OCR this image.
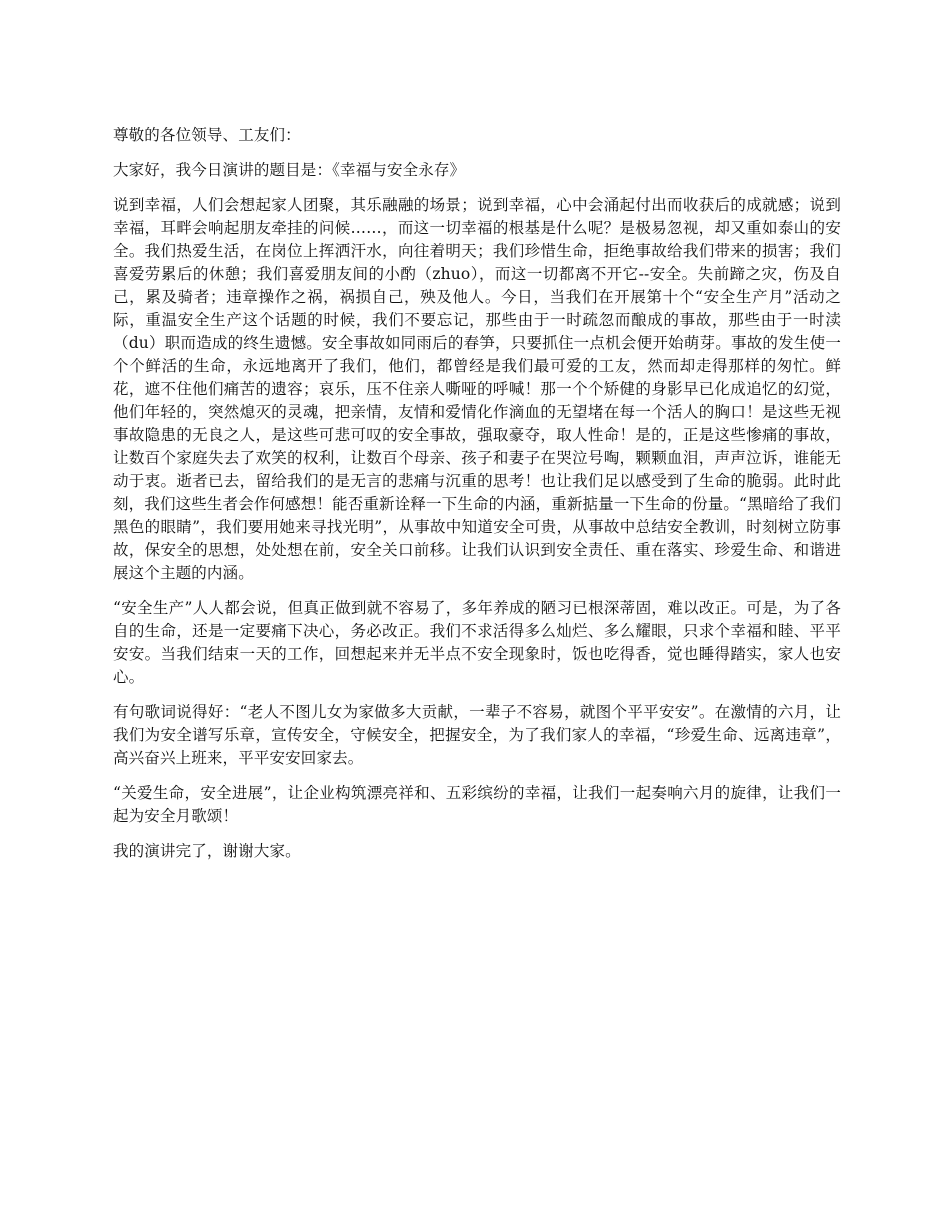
尊敬的各位领导、工友们：

大家好，我今日演讲的题目是：《幸福与安全永存》

说到幸福，人们会想起家人团聚，其乐融融的场景；说到幸福，心中会涌起付出而收获后的成就感；说到幸福，耳畔会响起朋友牵挂的问候……，而这一切幸福的根基是什么呢？是极易忽视，却又重如泰山的安全。我们热爱生活，在岗位上挥洒汗水，向往着明天；我们珍惜生命，拒绝事故给我们带来的损害；我们喜爱劳累后的休憩；我们喜爱朋友间的小酌（zhuo），而这一切都离不开它--安全。失前蹄之灾，伤及自己，累及骑者；违章操作之祸，祸损自己，殃及他人。今日，当我们在开展第十个“安全生产月”活动之际，重温安全生产这个话题的时候，我们不要忘记，那些由于一时疏忽而酿成的事故，那些由于一时渎（du）职而造成的终生遗憾。安全事故如同雨后的春笋，只要抓住一点机会便开始萌芽。事故的发生使一个个鲜活的生命，永远地离开了我们，他们，都曾经是我们最可爱的工友，然而却走得那样的匆忙。鲜花，遮不住他们痛苦的遗容；哀乐，压不住亲人嘶哑的呼喊！那一个个矫健的身影早已化成追忆的幻觉，他们年轻的，突然熄灭的灵魂，把亲情，友情和爱情化作滴血的无望堵在每一个活人的胸口！是这些无视事故隐患的无良之人，是这些可悲可叹的安全事故，强取豪夺，取人性命！是的，正是这些惨痛的事故，让数百个家庭失去了欢笑的权利，让数百个母亲、孩子和妻子在哭泣号啕，颗颗血泪，声声泣诉，谁能无动于衷。逝者已去，留给我们的是无言的悲痛与沉重的思考！也让我们足以感受到了生命的脆弱。此时此刻，我们这些生者会作何感想！能否重新诠释一下生命的内涵，重新掂量一下生命的份量。“黑暗给了我们黑色的眼睛”，我们要用她来寻找光明”，从事故中知道安全可贵，从事故中总结安全教训，时刻树立防事故，保安全的思想，处处想在前，安全关口前移。让我们认识到安全责任、重在落实、珍爱生命、和谐进展这个主题的内涵。

“安全生产”人人都会说，但真正做到就不容易了，多年养成的陋习已根深蒂固，难以改正。可是，为了各自的生命，还是一定要痛下决心，务必改正。我们不求活得多么灿烂、多么耀眼，只求个幸福和睦、平平安安。当我们结束一天的工作，回想起来并无半点不安全现象时，饭也吃得香，觉也睡得踏实，家人也安心。

有句歌词说得好：“老人不图儿女为家做多大贡献，一辈子不容易，就图个平平安安”。在激情的六月，让我们为安全谱写乐章，宣传安全，守候安全，把握安全，为了我们家人的幸福，“珍爱生命、远离违章”，高兴奋兴上班来，平平安安回家去。

“关爱生命，安全进展”，让企业构筑漂亮祥和、五彩缤纷的幸福，让我们一起奏响六月的旋律，让我们一起为安全月歌颂！

我的演讲完了，谢谢大家。
